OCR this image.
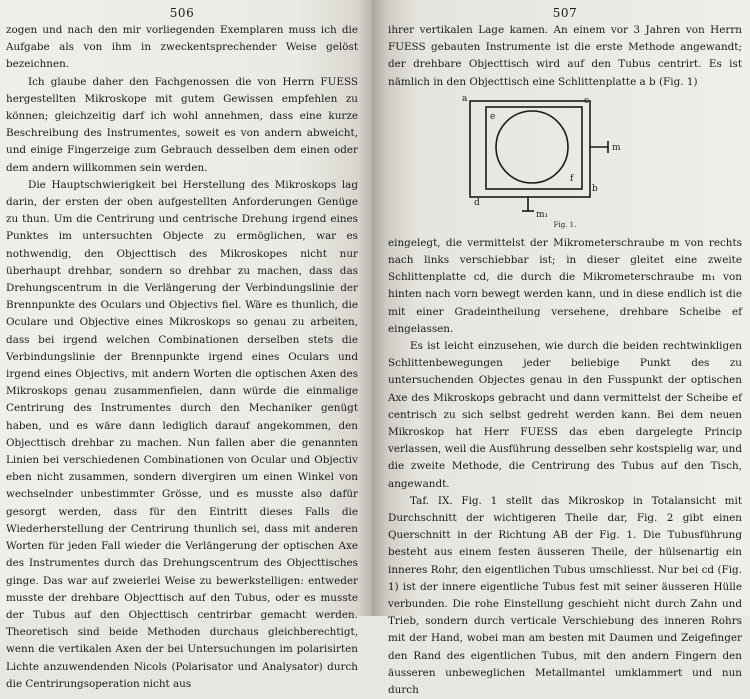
506

zogen und nach den mir vorliegenden Exemplaren muss ich die Aufgabe als von ihm in zweckentsprechender Weise gelöst bezeichnen.

Ich glaube daher den Fachgenossen die von Herrn FUESS hergestellten Mikroskope mit gutem Gewissen empfehlen zu können; gleichzeitig darf ich wohl annehmen, dass eine kurze Beschreibung des Instrumentes, soweit es von andern abweicht, und einige Fingerzeige zum Gebrauch desselben dem einen oder dem andern willkommen sein werden.

Die Hauptschwierigkeit bei Herstellung des Mikroskops lag darin, der ersten der oben aufgestellten Anforderungen Genüge zu thun. Um die Centrirung und centrische Drehung irgend eines Punktes im untersuchten Objecte zu ermöglichen, war es nothwendig, den Objecttisch des Mikroskopes nicht nur überhaupt drehbar, sondern so drehbar zu machen, dass das Drehungscentrum in die Verlängerung der Verbindungslinie der Brennpunkte des Oculars und Objectivs fiel. Wäre es thunlich, die Oculare und Objective eines Mikroskops so genau zu arbeiten, dass bei irgend welchen Combinationen derselben stets die Verbindungslinie der Brennpunkte irgend eines Oculars und irgend eines Objectivs, mit andern Worten die optischen Axen des Mikroskops genau zusammenfielen, dann würde die einmalige Centrirung des Instrumentes durch den Mechaniker genügt haben, und es wäre dann lediglich darauf angekommen, den Objecttisch drehbar zu machen. Nun fallen aber die genannten Linien bei verschiedenen Combinationen von Ocular und Objectiv eben nicht zusammen, sondern divergiren um einen Winkel von wechselnder unbestimmter Grösse, und es musste also dafür gesorgt werden, dass für den Eintritt dieses Falls die Wiederherstellung der Centrirung thunlich sei, dass mit anderen Worten für jeden Fall wieder die Verlängerung der optischen Axe des Instrumentes durch das Drehungscentrum des Objecttisches ginge. Das war auf zweierlei Weise zu bewerkstelligen: entweder musste der drehbare Objecttisch auf den Tubus, oder es musste der Tubus auf den Objecttisch centrirbar gemacht werden. Theoretisch sind beide Methoden durchaus gleichberechtigt, wenn die vertikalen Axen der bei Untersuchungen im polarisirten Lichte anzuwendenden Nicols (Polarisator und Analysator) durch die Centrirungsoperation nicht aus

507

ihrer vertikalen Lage kamen. An einem vor 3 Jahren von Herrn FUESS gebauten Instrumente ist die erste Methode angewandt; der drehbare Objecttisch wird auf den Tubus centrirt. Es ist nämlich in den Objecttisch eine Schlittenplatte a b (Fig. 1)

a
b
c
d
e
f
m
m₁
Fig. 1.

eingelegt, die vermittelst der Mikrometerschraube m von rechts nach links verschiebbar ist; in dieser gleitet eine zweite Schlittenplatte cd, die durch die Mikrometerschraube m₁ von hinten nach vorn bewegt werden kann, und in diese endlich ist die mit einer Gradeintheilung versehene, drehbare Scheibe ef eingelassen.

Es ist leicht einzusehen, wie durch die beiden rechtwinkligen Schlittenbewegungen jeder beliebige Punkt des zu untersuchenden Objectes genau in den Fusspunkt der optischen Axe des Mikroskops gebracht und dann vermittelst der Scheibe ef centrisch zu sich selbst gedreht werden kann. Bei dem neuen Mikroskop hat Herr FUESS das eben dargelegte Princip verlassen, weil die Ausführung desselben sehr kostspielig war, und die zweite Methode, die Centrirung des Tubus auf den Tisch, angewandt.

Taf. IX. Fig. 1 stellt das Mikroskop in Totalansicht mit Durchschnitt der wichtigeren Theile dar, Fig. 2 gibt einen Querschnitt in der Richtung AB der Fig. 1. Die Tubusführung besteht aus einem festen äusseren Theile, der hülsenartig ein inneres Rohr, den eigentlichen Tubus umschliesst. Nur bei cd (Fig. 1) ist der innere eigentliche Tubus fest mit seiner äusseren Hülle verbunden. Die rohe Einstellung geschieht nicht durch Zahn und Trieb, sondern durch verticale Verschiebung des inneren Rohrs mit der Hand, wobei man am besten mit Daumen und Zeigefinger den Rand des eigentlichen Tubus, mit den andern Fingern den äusseren unbeweglichen Metallmantel umklammert und nun durch
